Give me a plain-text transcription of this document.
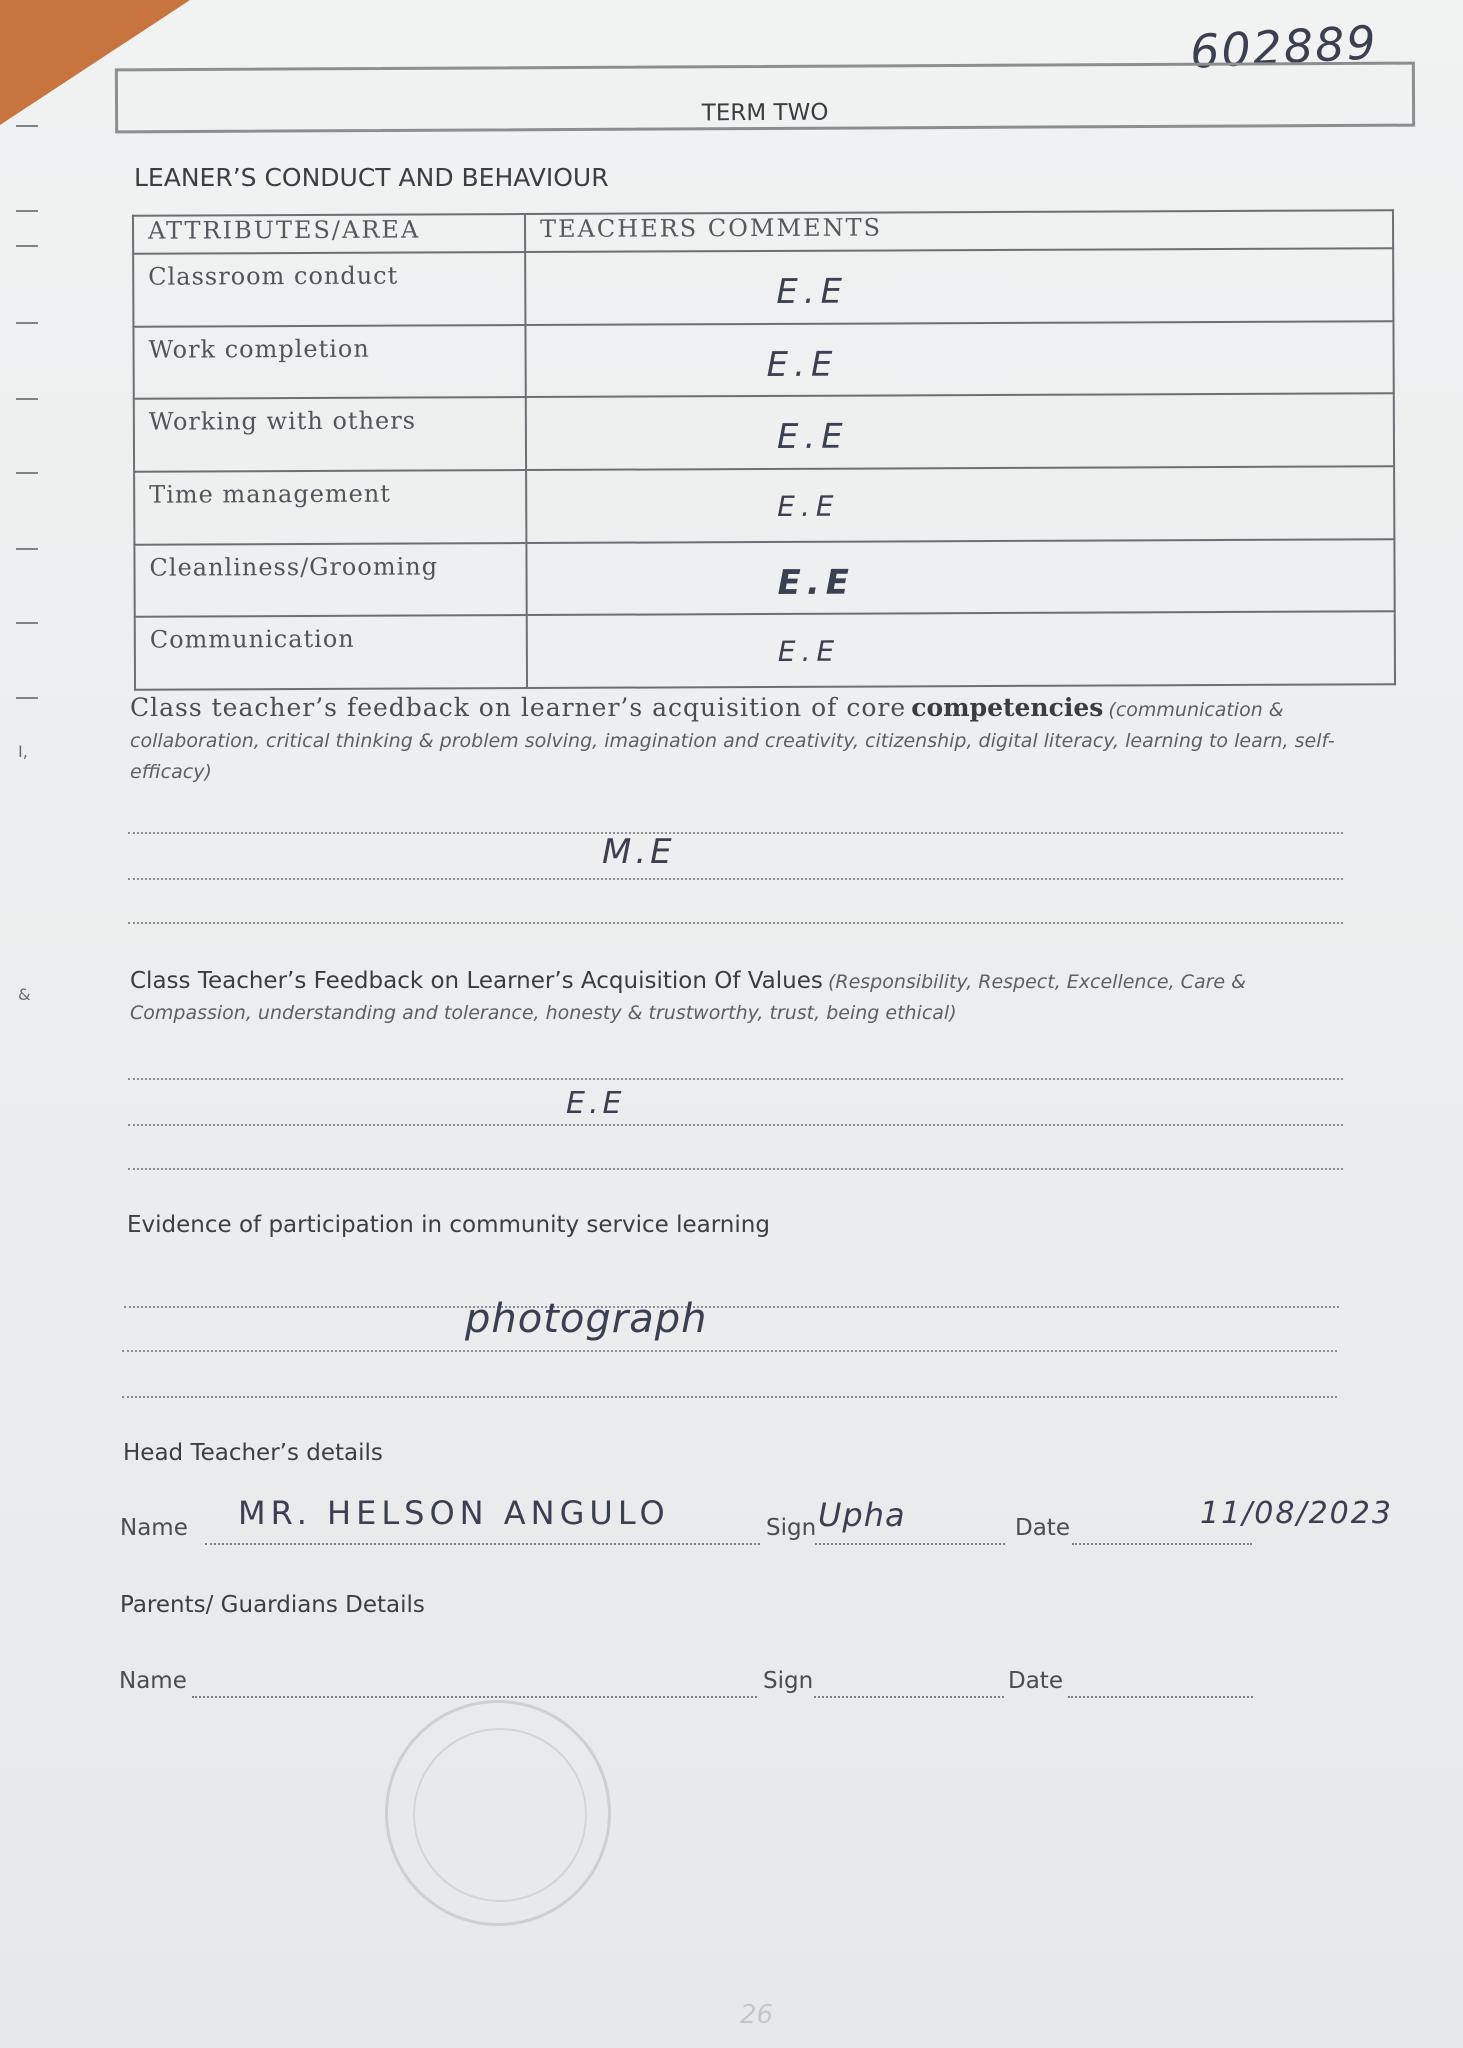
I,
&
602889
TERM TWO
LEANER’S CONDUCT AND BEHAVIOUR
ATTRIBUTES/AREA	TEACHERS COMMENTS
Classroom conduct	E.E

Work completion	E.E

Working with others	E.E

Time management	E.E

Cleanliness/Grooming	E.E

Communication	E.E
Class teacher’s feedback on learner’s acquisition of core competencies (communication & collaboration, critical thinking & problem solving, imagination and creativity, citizenship, digital literacy, learning to learn, self-efficacy)
M.E
Class Teacher’s Feedback on Learner’s Acquisition Of Values (Responsibility, Respect, Excellence, Care & Compassion, understanding and tolerance, honesty & trustworthy, trust, being ethical)
E.E
Evidence of participation in community service learning
photograph
Head Teacher’s details
Name MR. HELSON ANGULO	Sign Upha	Date	11/08/2023
Parents/ Guardians Details
Name	Sign	Date
26
